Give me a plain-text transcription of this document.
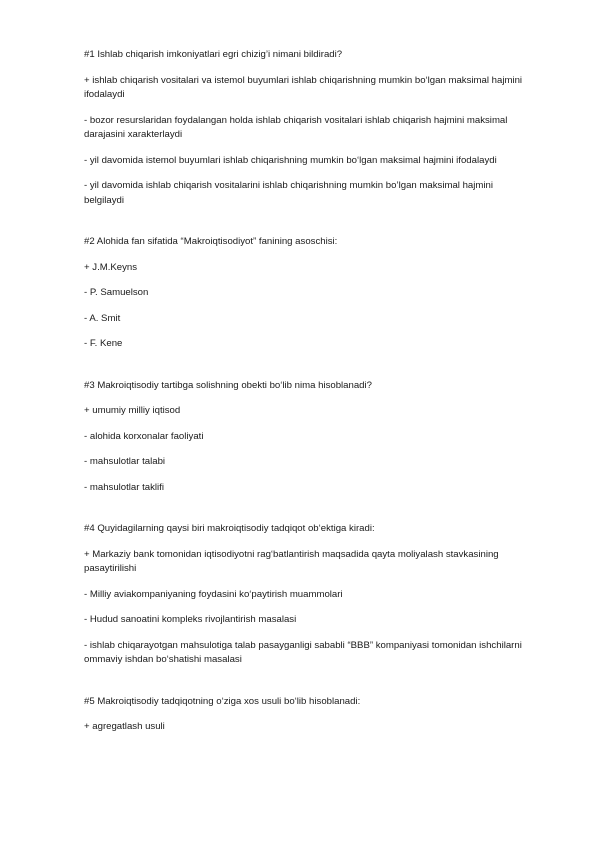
#1 Ishlab chiqarish imkoniyatlari egri chizig’i nimani bildiradi?

+ ishlab chiqarish vositalari va istemol buyumlari ishlab chiqarishning mumkin bo‘lgan maksimal hajmini ifodalaydi

- bozor resurslaridan foydalangan holda ishlab chiqarish vositalari ishlab chiqarish hajmini maksimal darajasini xarakterlaydi

- yil davomida istemol buyumlari ishlab chiqarishning mumkin bo‘lgan maksimal hajmini ifodalaydi

- yil davomida ishlab chiqarish vositalarini ishlab chiqarishning mumkin bo’lgan maksimal hajmini belgilaydi

#2 Alohida fan sifatida “Makroiqtisodiyot” fanining asoschisi:

+ J.M.Keyns

- P. Samuelson

- A. Smit

- F. Kene

#3 Makroiqtisodiy tartibga solishning obekti bo‘lib nima hisoblanadi?

+ umumiy milliy iqtisod

- alohida korxonalar faoliyati

- mahsulotlar talabi

- mahsulotlar taklifi

#4 Quyidagilarning qaysi biri makroiqtisodiy tadqiqot ob‘ektiga kiradi:

+ Markaziy bank tomonidan iqtisodiyotni rag‘batlantirish maqsadida qayta moliyalash stavkasining pasaytirilishi

- Milliy aviakompaniyaning foydasini ko‘paytirish muammolari

- Hudud sanoatini kompleks rivojlantirish masalasi

- ishlab chiqarayotgan mahsulotiga talab pasayganligi sababli “BBB” kompaniyasi tomonidan ishchilarni ommaviy ishdan bo‘shatishi masalasi

#5 Makroiqtisodiy tadqiqotning o‘ziga xos usuli bo‘lib hisoblanadi:

+ agregatlash usuli
